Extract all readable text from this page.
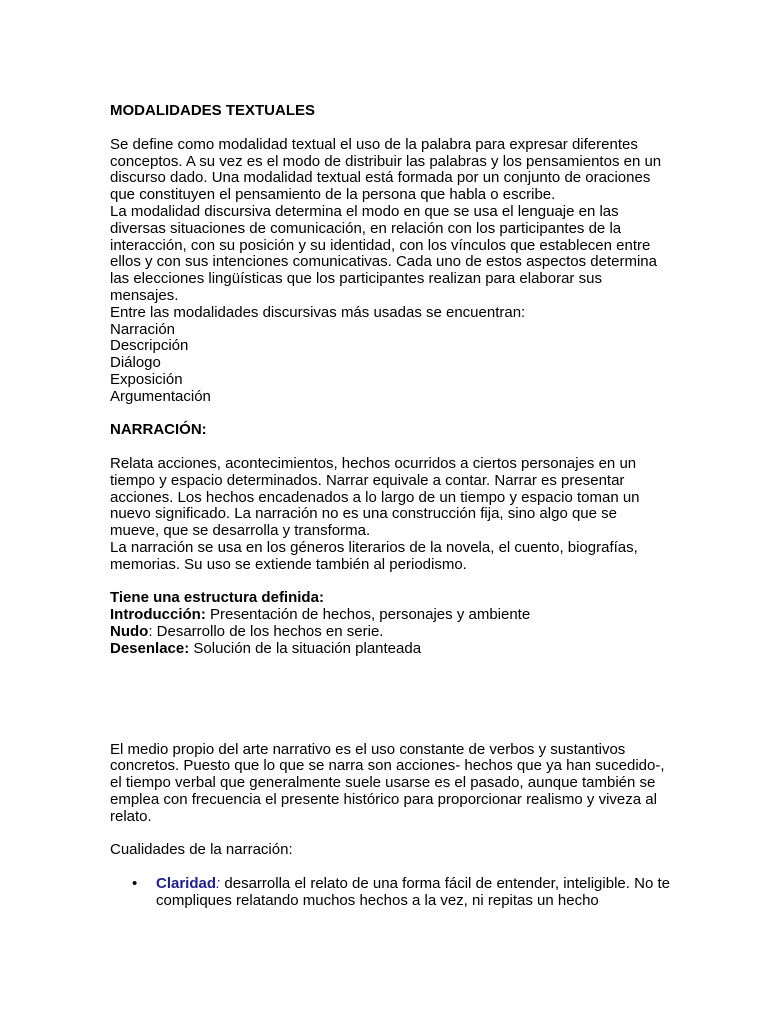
MODALIDADES TEXTUALES

Se define como modalidad textual el uso de la palabra para expresar diferentes conceptos. A su vez es el modo de distribuir las palabras y los pensamientos en un discurso dado. Una modalidad textual está formada por un conjunto de oraciones que constituyen el pensamiento de la persona que habla o escribe.

La modalidad discursiva determina el modo en que se usa el lenguaje en las diversas situaciones de comunicación, en relación con los participantes de la interacción, con su posición y su identidad, con los vínculos que establecen entre ellos y con sus intenciones comunicativas. Cada uno de estos aspectos determina las elecciones lingüísticas que los participantes realizan para elaborar sus mensajes.

Entre las modalidades discursivas más usadas se encuentran:

Narración

Descripción

Diálogo

Exposición

Argumentación

NARRACIÓN:

Relata acciones, acontecimientos, hechos ocurridos a ciertos personajes en un tiempo y espacio determinados. Narrar equivale a contar. Narrar es presentar acciones. Los hechos encadenados a lo largo de un tiempo y espacio toman un nuevo significado. La narración no es una construcción fija, sino algo que se mueve, que se desarrolla y transforma.

La narración se usa en los géneros literarios de la novela, el cuento, biografías, memorias. Su uso se extiende también al periodismo.

Tiene una estructura definida:

Introducción: Presentación de hechos, personajes y ambiente

Nudo: Desarrollo de los hechos en serie.

Desenlace: Solución de la situación planteada

El medio propio del arte narrativo es el uso constante de verbos y sustantivos concretos. Puesto que lo que se narra son acciones- hechos que ya han sucedido-, el tiempo verbal que generalmente suele usarse es el pasado, aunque también se emplea con frecuencia el presente histórico para proporcionar realismo y viveza al relato.

Cualidades de la narración:

• Claridad: desarrolla el relato de una forma fácil de entender, inteligible. No te compliques relatando muchos hechos a la vez, ni repitas un hecho
